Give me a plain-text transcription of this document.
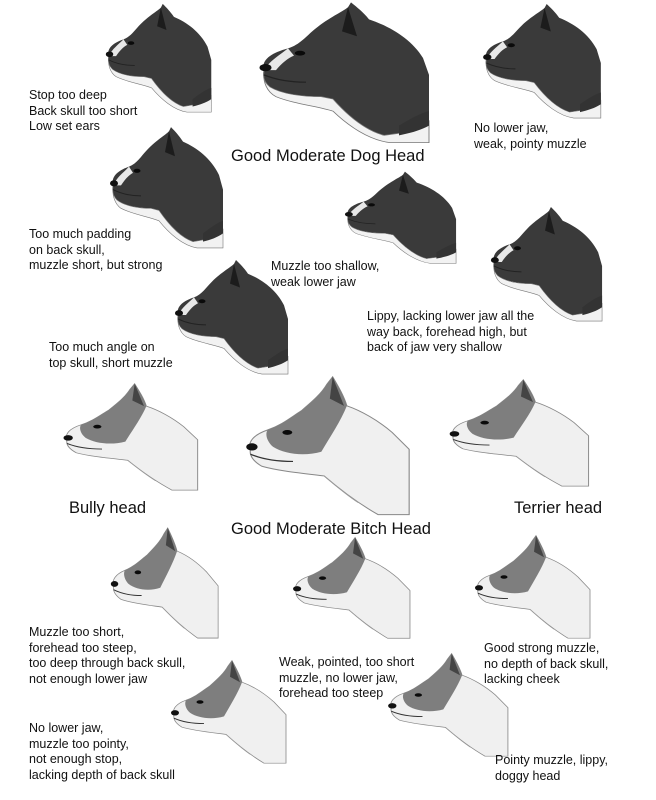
Good Moderate Dog Head
Bully head	Terrier head
Good Moderate Bitch Head
Stop too deep
Back skull too short
Low set ears	No lower jaw,
weak, pointy muzzle
Too much padding
on back skull,
muzzle short, but strong	Muzzle too shallow,
weak lower jaw
Lippy, lacking lower jaw all the
way back, forehead high, but
back of jaw very shallow
Too much angle on
top skull, short muzzle
Muzzle too short,
forehead too steep,
too deep through back skull,
not enough lower jaw
Weak, pointed, too short
muzzle, no lower jaw,
forehead too steep
Good strong muzzle,
no depth of back skull,
lacking cheek
No lower jaw,
muzzle too pointy,
not enough stop,
lacking depth of back skull
Pointy muzzle, lippy,
doggy head
